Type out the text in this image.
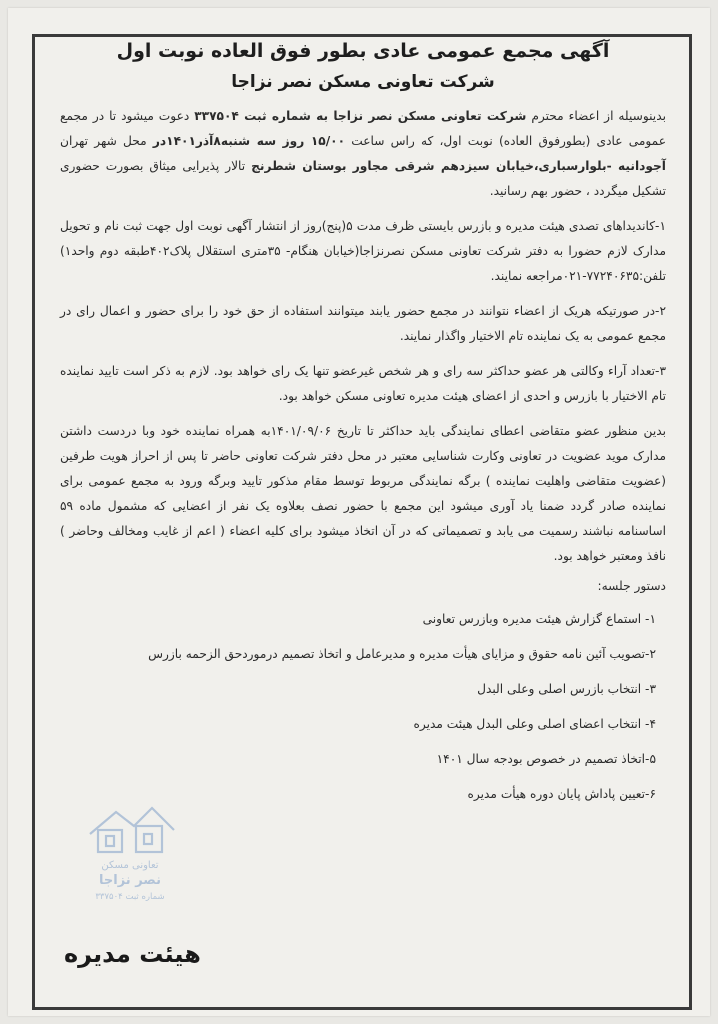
آگهی مجمع عمومی عادی بطور فوق العاده نوبت اول
شرکت تعاونی مسکن نصر نزاجا

بدینوسیله از اعضاء محترم شرکت تعاونی مسکن نصر نزاجا به شماره ثبت ۳۳۷۵۰۴ دعوت میشود تا در مجمع عمومی عادی (بطورفوق العاده) نوبت اول، که راس ساعت ۱۵/۰۰ روز سه شنبه۸آذر۱۴۰۱در محل شهر تهران آجودانیه -بلوارسباری،خیابان سیزدهم شرقی مجاور بوستان شطرنج تالار پذیرایی میثاق بصورت حضوری تشکیل میگردد ، حضور بهم رسانید.

۱-کاندیداهای تصدی هیئت مدیره و بازرس بایستی ظرف مدت ۵(پنج)روز از انتشار آگهی نوبت اول جهت ثبت نام و تحویل مدارک لازم حضورا به دفتر شرکت تعاونی مسکن نصرنزاجا(خیابان هنگام- ۳۵متری استقلال پلاک۴۰۲طبقه دوم واحد۱) تلفن:۷۷۲۴۰۶۳۵-۰۲۱مراجعه نمایند.

۲-در صورتیکه هریک از اعضاء نتوانند در مجمع حضور یابند میتوانند استفاده از حق خود را برای حضور و اعمال رای در مجمع عمومی به یک نماینده تام الاختیار واگذار نمایند.

۳-تعداد آراء وکالتی هر عضو حداکثر سه رای و هر شخص غیرعضو تنها یک رای خواهد بود. لازم به ذکر است تایید نماینده تام الاختیار با بازرس و احدی از اعضای هیئت مدیره تعاونی مسکن خواهد بود.

بدین منظور عضو متقاضی اعطای نمایندگی باید حداکثر تا تاریخ ۱۴۰۱/۰۹/۰۶به همراه نماینده خود وبا دردست داشتن مدارک موید عضویت در تعاونی وکارت شناسایی معتبر در محل دفتر شرکت تعاونی حاضر تا پس از احراز هویت طرفین (عضویت متقاضی واهلیت نماینده ) برگه نمایندگی مربوط توسط مقام مذکور تایید وبرگه ورود به مجمع عمومی برای نماینده صادر گردد ضمنا یاد آوری میشود این مجمع با حضور نصف بعلاوه یک نفر از اعضایی که مشمول ماده ۵۹ اساسنامه نباشند رسمیت می یابد و تصمیماتی که در آن اتخاذ میشود برای کلیه اعضاء ( اعم از غایب ومخالف وحاضر ) نافذ ومعتبر خواهد بود.

دستور جلسه:
۱- استماع گزارش هیئت مدیره وبازرس تعاونی
۲-تصویب آئین نامه حقوق و مزایای هیأت مدیره و مدیرعامل و اتخاذ تصمیم درموردحق الزحمه بازرس
۳- انتخاب بازرس اصلی وعلی البدل
۴- انتخاب اعضای اصلی وعلی البدل هیئت مدیره
۵-اتخاذ تصمیم در خصوص بودجه سال ۱۴۰۱
۶-تعیین پاداش پایان دوره هیأت مدیره
تعاونی مسکن
نصر نزاجا
شماره ثبت ۳۳۷۵۰۴
هیئت مدیره
